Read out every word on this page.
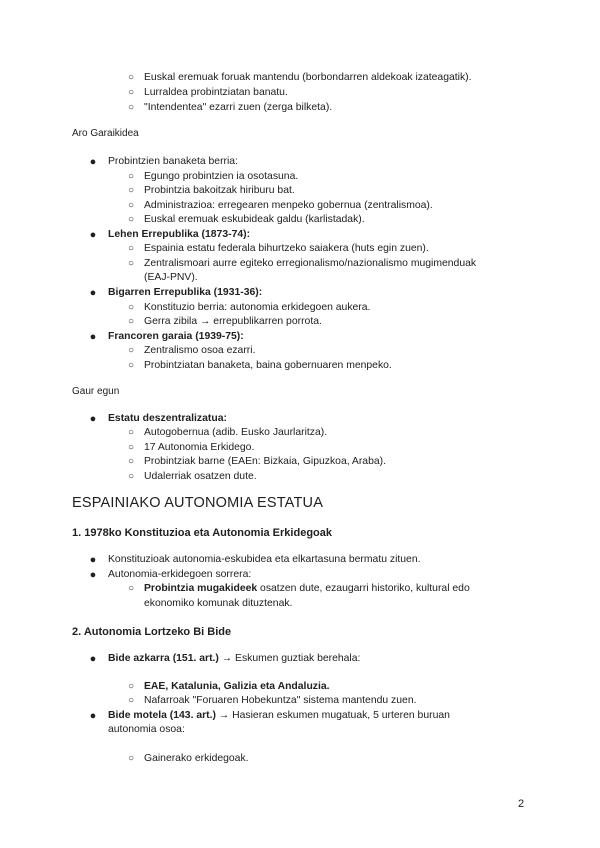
○ Euskal eremuak foruak mantendu (borbondarren aldekoak izateagatik).
○ Lurraldea probintziatan banatu.
○ "Intendentea" ezarri zuen (zerga bilketa).
Aro Garaikidea
● Probintzien banaketa berria:
○ Egungo probintzien ia osotasuna.
○ Probintzia bakoitzak hiriburu bat.
○ Administrazioa: erregearen menpeko gobernua (zentralismoa).
○ Euskal eremuak eskubideak galdu (karlistadak).
● Lehen Errepublika (1873-74):
○ Espainia estatu federala bihurtzeko saiakera (huts egin zuen).
○ Zentralismoari aurre egiteko erregionalismo/nazionalismo mugimenduak
(EAJ-PNV).
● Bigarren Errepublika (1931-36):
○ Konstituzio berria: autonomia erkidegoen aukera.
○ Gerra zibila → errepublikarren porrota.
● Francoren garaia (1939-75):
○ Zentralismo osoa ezarri.
○ Probintziatan banaketa, baina gobernuaren menpeko.
Gaur egun
● Estatu deszentralizatua:
○ Autogobernua (adib. Eusko Jaurlaritza).
○ 17 Autonomia Erkidego.
○ Probintziak barne (EAEn: Bizkaia, Gipuzkoa, Araba).
○ Udalerriak osatzen dute.
ESPAINIAKO AUTONOMIA ESTATUA
1. 1978ko Konstituzioa eta Autonomia Erkidegoak
● Konstituzioak autonomia-eskubidea eta elkartasuna bermatu zituen.
● Autonomia-erkidegoen sorrera:
○ Probintzia mugakideek osatzen dute, ezaugarri historiko, kultural edo
ekonomiko komunak dituztenak.
2. Autonomia Lortzeko Bi Bide
● Bide azkarra (151. art.) → Eskumen guztiak berehala:
○ EAE, Katalunia, Galizia eta Andaluzia.
○ Nafarroak "Foruaren Hobekuntza" sistema mantendu zuen.
● Bide motela (143. art.) → Hasieran eskumen mugatuak, 5 urteren buruan
autonomia osoa:
○ Gainerako erkidegoak.
2
